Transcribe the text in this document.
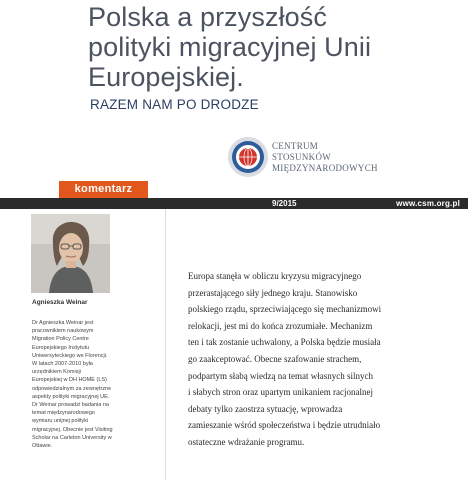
Polska a przyszłość
polityki migracyjnej Unii
Europejskiej.
RAZEM NAM PO DRODZE
CENTRUM
STOSUNKÓW
MIĘDZYNARODOWYCH
komentarz
9/2015	www.csm.org.pl
Agnieszka Weinar
Dr Agnieszka Weinar jest
pracownikiem naukowym
Migration Policy Centre
Europejskiego Instytutu
Uniwersyteckiego we Florencji.
W latach 2007-2010 była
urzędnikiem Komisji
Europejskiej w DH HOME (LS)
odpowiedzialnym za zewnętrzne
aspekty polityki migracyjnej UE.
Dr Weinar prowadzi badania na
temat międzynarodowego
wymiaru unijnej polityki
migracyjnej. Obecnie jest Visiting
Scholar na Carleton University w
Ottawie.
Europa stanęła w obliczu kryzysu migracyjnego
przerastającego siły jednego kraju. Stanowisko
polskiego rządu, sprzeciwiającego się mechanizmowi
relokacji, jest mi do końca zrozumiałe. Mechanizm
ten i tak zostanie uchwalony, a Polska będzie musiała
go zaakceptować. Obecne szafowanie strachem,
podpartym słabą wiedzą na temat własnych silnych
i słabych stron oraz upartym unikaniem racjonalnej
debaty tylko zaostrza sytuację, wprowadza
zamieszanie wśród społeczeństwa i będzie utrudniało
ostateczne wdrażanie programu.
